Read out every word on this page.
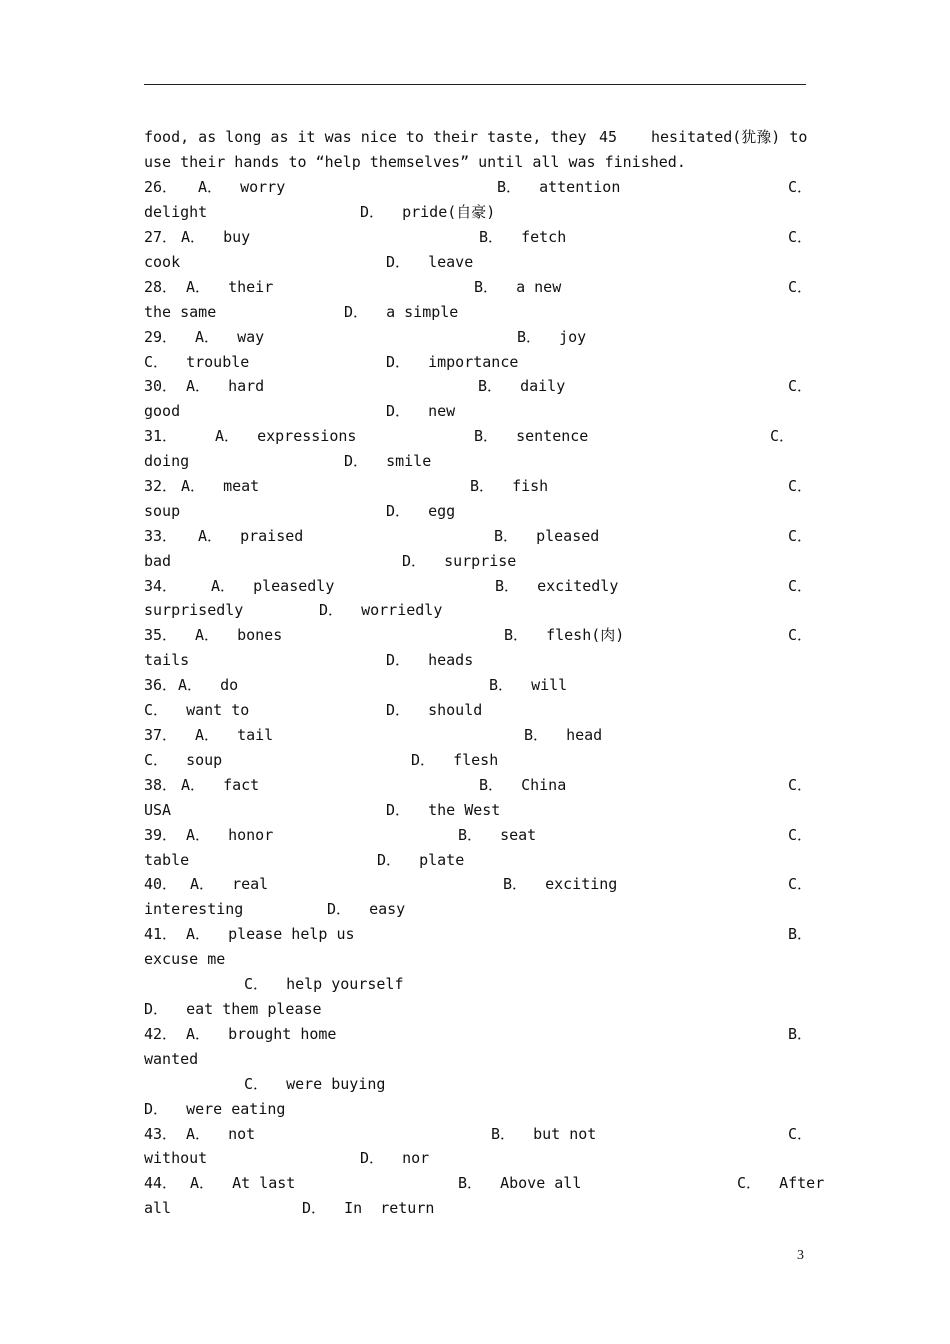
food, as long as it was nice to their taste, they 45 hesitated(犹豫) to
use their hands to “help themselves” until all was finished.
26． A．  worry	B．  attention	C．
delight	D．  pride(自豪)
27． A．  buy	B．  fetch	C．
cook	D．  leave
28． A．  their	B．  a new	C．
the same	D．  a simple
29． A．  way	B．  joy
C．  trouble	D．  importance
30． A．  hard	B．  daily	C．
good	D．  new
31．	A．  expressions	B．  sentence	C．
doing	D．  smile
32． A．  meat	B．  fish	C．
soup	D．  egg
33． A．  praised	B．  pleased	C．
bad	D．  surprise
34． A．  pleasedly	B．  excitedly	C．
surprisedly	D．  worriedly
35． A．  bones	B．  flesh(肉)	C．
tails	D．  heads
36． A．  do	B．  will
C．  want to	D．  should
37． A．  tail	B．  head
C．  soup	D．  flesh
38． A．  fact	B．  China	C．
USA	D．  the West
39． A．  honor	B．  seat	C．
table	D．  plate
40． A．  real	B．  exciting	C．
interesting	D．  easy
41． A．  please help us	B．
excuse me
C．  help yourself
D．  eat them please
42． A．  brought home	B．
wanted
C．  were buying
D．  were eating
43． A．  not	B．  but not	C．
without	D．  nor
44． A．  At last	B．  Above all	C．  After
all	D．  In  return
3
